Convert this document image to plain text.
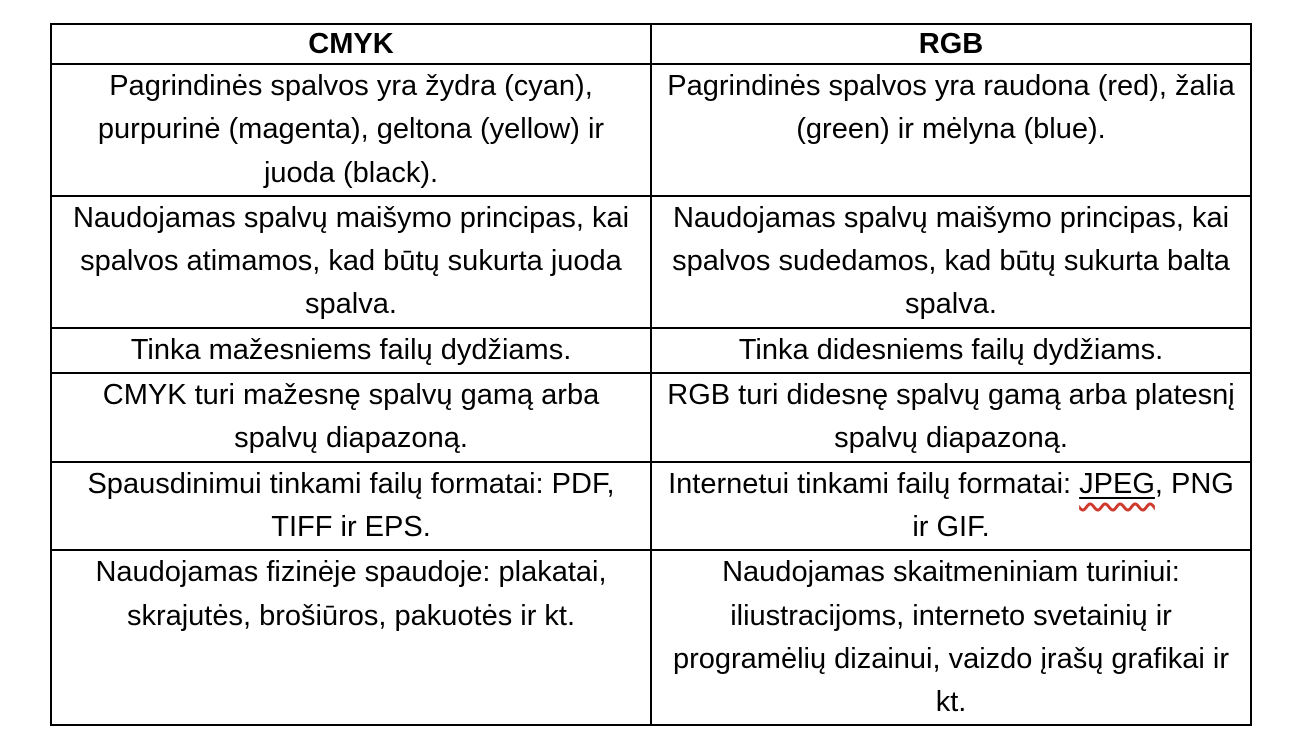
CMYK	RGB
Pagrindinės spalvos yra žydra (cyan), purpurinė (magenta), geltona (yellow) ir juoda (black).	Pagrindinės spalvos yra raudona (red), žalia (green) ir mėlyna (blue).
Naudojamas spalvų maišymo principas, kai spalvos atimamos, kad būtų sukurta juoda spalva.	Naudojamas spalvų maišymo principas, kai spalvos sudedamos, kad būtų sukurta balta spalva.
Tinka mažesniems failų dydžiams.	Tinka didesniems failų dydžiams.
CMYK turi mažesnę spalvų gamą arba spalvų diapazoną.	RGB turi didesnę spalvų gamą arba platesnį spalvų diapazoną.
Spausdinimui tinkami failų formatai: PDF, TIFF ir EPS.	Internetui tinkami failų formatai: JPEG, PNG ir GIF.
Naudojamas fizinėje spaudoje: plakatai, skrajutės, brošiūros, pakuotės ir kt.	Naudojamas skaitmeniniam turiniui: iliustracijoms, interneto svetainių ir programėlių dizainui, vaizdo įrašų grafikai ir kt.
